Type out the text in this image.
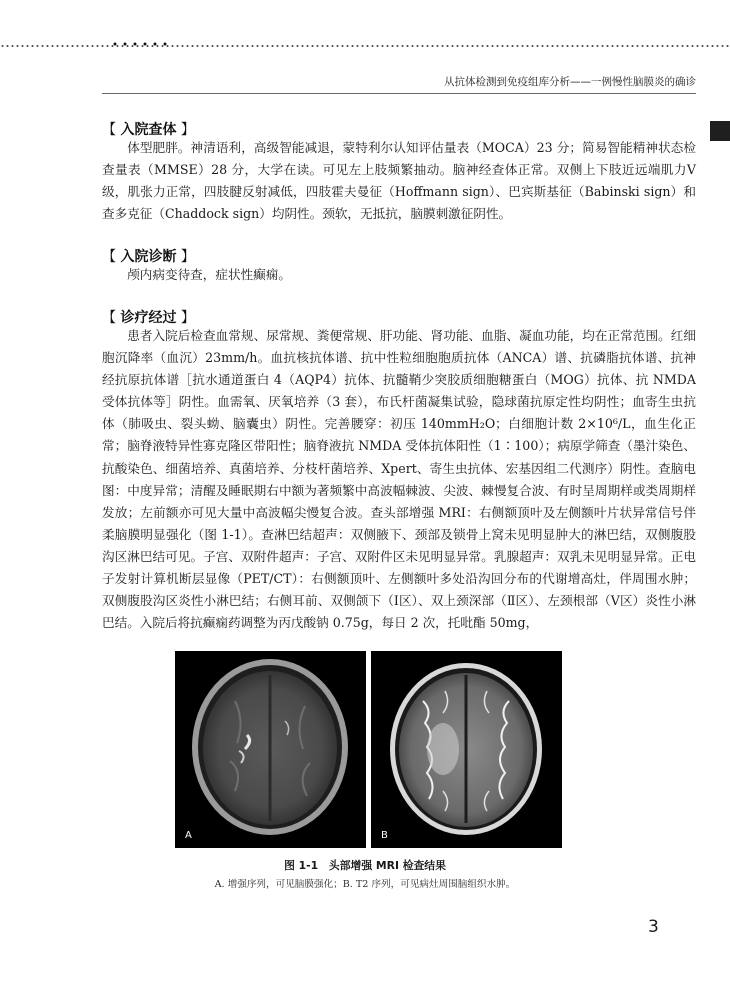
从抗体检测到免疫组库分析——一例慢性脑膜炎的确诊
【 入院查体 】

体型肥胖。神清语利，高级智能减退，蒙特利尔认知评估量表（MOCA）23 分；简易智能精神状态检查量表（MMSE）28 分，大学在读。可见左上肢频繁抽动。脑神经查体正常。双侧上下肢近远端肌力Ⅴ级，肌张力正常，四肢腱反射减低，四肢霍夫曼征（Hoffmann sign）、巴宾斯基征（Babinski sign）和查多克征（Chaddock sign）均阴性。颈软，无抵抗，脑膜刺激征阴性。

【 入院诊断 】

颅内病变待查，症状性癫痫。

【 诊疗经过 】

患者入院后检查血常规、尿常规、粪便常规、肝功能、肾功能、血脂、凝血功能，均在正常范围。红细胞沉降率（血沉）23mm/h。血抗核抗体谱、抗中性粒细胞胞质抗体（ANCA）谱、抗磷脂抗体谱、抗神经抗原抗体谱［抗水通道蛋白 4（AQP4）抗体、抗髓鞘少突胶质细胞糖蛋白（MOG）抗体、抗 NMDA 受体抗体等］阴性。血需氧、厌氧培养（3 套），布氏杆菌凝集试验，隐球菌抗原定性均阴性；血寄生虫抗体（肺吸虫、裂头蚴、脑囊虫）阴性。完善腰穿：初压 140mmH₂O；白细胞计数 2×10⁶/L，血生化正常；脑脊液特异性寡克隆区带阳性；脑脊液抗 NMDA 受体抗体阳性（1∶100）；病原学筛查（墨汁染色、抗酸染色、细菌培养、真菌培养、分枝杆菌培养、Xpert、寄生虫抗体、宏基因组二代测序）阴性。查脑电图：中度异常；清醒及睡眠期右中额为著频繁中高波幅棘波、尖波、棘慢复合波、有时呈周期样或类周期样发放；左前额亦可见大量中高波幅尖慢复合波。查头部增强 MRI：右侧额顶叶及左侧额叶片状异常信号伴柔脑膜明显强化（图 1-1）。查淋巴结超声：双侧腋下、颈部及锁骨上窝未见明显肿大的淋巴结，双侧腹股沟区淋巴结可见。子宫、双附件超声：子宫、双附件区未见明显异常。乳腺超声：双乳未见明显异常。正电子发射计算机断层显像（PET/CT）：右侧额顶叶、左侧额叶多处沿沟回分布的代谢增高灶，伴周围水肿；双侧腹股沟区炎性小淋巴结；右侧耳前、双侧颌下（Ⅰ区）、双上颈深部（Ⅱ区）、左颈根部（Ⅴ区）炎性小淋巴结。入院后将抗癫痫药调整为丙戊酸钠 0.75g，每日 2 次，托吡酯 50mg，

A	B
图 1-1　头部增强 MRI 检查结果
A. 增强序列，可见脑膜强化；B. T2 序列，可见病灶周围脑组织水肿。
3
